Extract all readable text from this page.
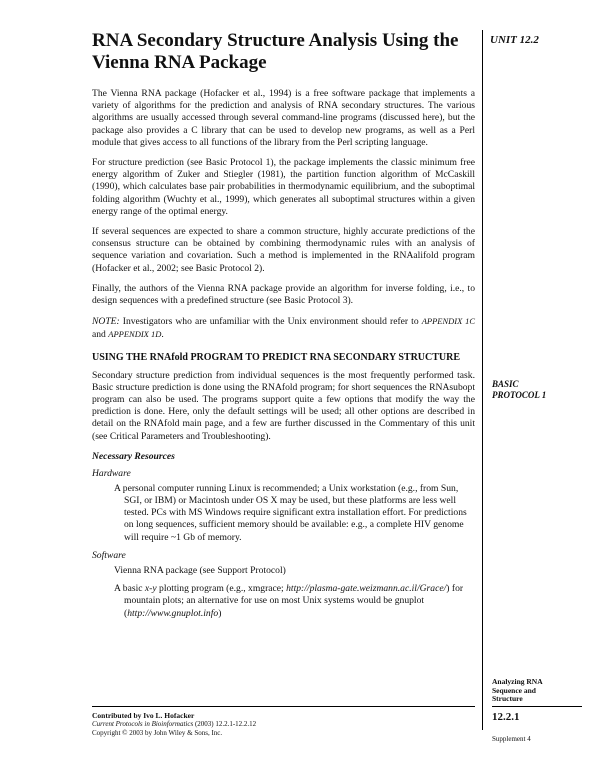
RNA Secondary Structure Analysis Using the Vienna RNA Package

The Vienna RNA package (Hofacker et al., 1994) is a free software package that implements a variety of algorithms for the prediction and analysis of RNA secondary structures. The various algorithms are usually accessed through several command-line programs (discussed here), but the package also provides a C library that can be used to develop new programs, as well as a Perl module that gives access to all functions of the library from the Perl scripting language.

For structure prediction (see Basic Protocol 1), the package implements the classic minimum free energy algorithm of Zuker and Stiegler (1981), the partition function algorithm of McCaskill (1990), which calculates base pair probabilities in thermodynamic equilibrium, and the suboptimal folding algorithm (Wuchty et al., 1999), which generates all suboptimal structures within a given energy range of the optimal energy.

If several sequences are expected to share a common structure, highly accurate predictions of the consensus structure can be obtained by combining thermodynamic rules with an analysis of sequence variation and covariation. Such a method is implemented in the RNAalifold program (Hofacker et al., 2002; see Basic Protocol 2).

Finally, the authors of the Vienna RNA package provide an algorithm for inverse folding, i.e., to design sequences with a predefined structure (see Basic Protocol 3).

NOTE: Investigators who are unfamiliar with the Unix environment should refer to APPENDIX 1C and APPENDIX 1D.

USING THE RNAfold PROGRAM TO PREDICT RNA SECONDARY STRUCTURE

Secondary structure prediction from individual sequences is the most frequently performed task. Basic structure prediction is done using the RNAfold program; for short sequences the RNAsubopt program can also be used. The programs support quite a few options that modify the way the prediction is done. Here, only the default settings will be used; all other options are described in detail on the RNAfold main page, and a few are further discussed in the Commentary of this unit (see Critical Parameters and Troubleshooting).

Necessary Resources
Hardware

A personal computer running Linux is recommended; a Unix workstation (e.g., from Sun, SGI, or IBM) or Macintosh under OS X may be used, but these platforms are less well tested. PCs with MS Windows require significant extra installation effort. For predictions on long sequences, sufficient memory should be available: e.g., a complete HIV genome will require ~1 Gb of memory.

Software

Vienna RNA package (see Support Protocol)

A basic x-y plotting program (e.g., xmgrace; http://plasma-gate.weizmann.ac.il/Grace/) for mountain plots; an alternative for use on most Unix systems would be gnuplot (http://www.gnuplot.info)

UNIT 12.2
BASIC
PROTOCOL 1
Analyzing RNA
Sequence and
Structure
12.2.1
Supplement 4
Contributed by Ivo L. Hofacker
Current Protocols in Bioinformatics (2003) 12.2.1-12.2.12
Copyright © 2003 by John Wiley & Sons, Inc.
